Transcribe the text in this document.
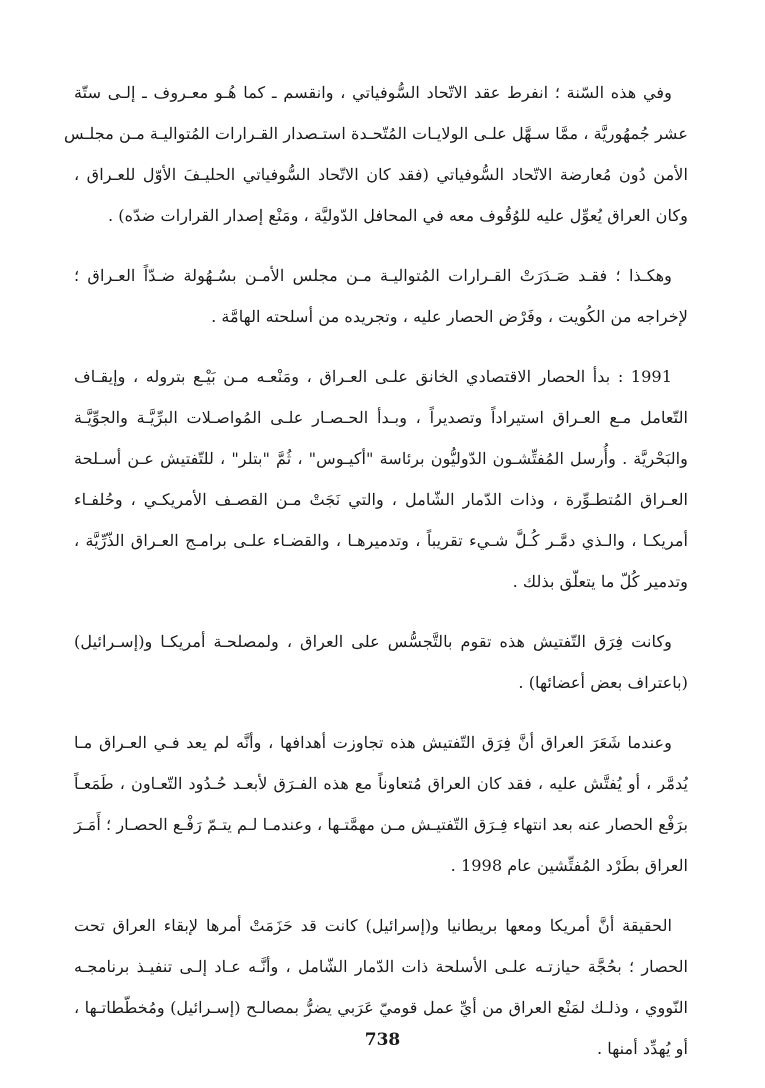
وفي هذه السّنة ؛ انفرط عقد الاتّحاد السُّوفياتي ، وانقسم ـ كما هُـو معـروف ـ إلـى ستّة
عشر جُمهُوريَّة ، ممَّا سـهَّل علـى الولايـات المُتّحـدة استـصدار القـرارات المُتواليـة مـن مجلـس
الأمن دُون مُعارضة الاتّحاد السُّوفياتي (فقد كان الاتّحاد السُّوفياتي الحليـفَ الأوّل للعـراق ،
وكان العراق يُعوِّل عليه للوُقُوف معه في المحافل الدّوليَّة ، ومَنْع إصدار القرارات ضدّه) .
وهكـذا ؛ فقـد صَـدَرَتْ القـرارات المُتواليـة مـن مجلس الأمـن بسُـهُولة ضـدّاً العـراق ؛
لإخراجه من الكُويت ، وفَرْض الحصار عليه ، وتجريده من أسلحته الهامَّة .
1991 : بدأ الحصار الاقتصادي الخانق علـى العـراق ، ومَنْعـه مـن بَيْـع بتروله ، وإيقـاف
التّعامل مـع العـراق استيراداً وتصديراً ، وبـدأ الحـصـار علـى المُواصـلات البرِّيَّـة والجوِّيَّـة
والبَحْريَّة . وأُرسل المُفتِّشـون الدّوليُّون برئاسة "أكيـوس" ، ثُمَّ "بتلر" ، للتّفتيش عـن أسـلحة
العـراق المُتطـوِّرة ، وذات الدّمار الشّامل ، والتي نَجَتْ مـن القصـف الأمريكـي ، وحُلفـاء
أمريكـا ، والـذي دمَّـر كُـلَّ شـيء تقريباً ، وتدميرهـا ، والقضـاء علـى برامـج العـراق الذّرِّيَّة ،
وتدمير كُلّ ما يتعلّق بذلك .
وكانت فِرَق التّفتيش هذه تقوم بالتَّجسُّس على العراق ، ولمصلحـة أمريكـا و(إسـرائيل)
(باعتراف بعض أعضائها) .
وعندما شَعَرَ العراق أنَّ فِرَق التّفتيش هذه تجاوزت أهدافها ، وأنَّه لم يعد فـي العـراق مـا
يُدمَّر ، أو يُفتَّش عليه ، فقد كان العراق مُتعاوناً مع هذه الفـرَق لأبعـد حُـدُود التّعـاون ، طَمَعـاً
برَفْع الحصار عنه بعد انتهاء فِـرَق التّفتيـش مـن مهمَّتـها ، وعندمـا لـم يتـمّ رَفْـع الحصـار ؛ أَمَـرَ
العراق بطَرْد المُفتِّشين عام 1998 .
الحقيقة أنَّ أمريكا ومعها بريطانيا و(إسرائيل) كانت قد حَزَمَتْ أمرها لإبقاء العراق تحت
الحصار ؛ بحُجَّة حيازتـه علـى الأسلحة ذات الدّمار الشّامل ، وأنَّـه عـاد إلـى تنفيـذ برنامجـه
النّووي ، وذلـك لمَنْع العراق من أيِّ عمل قوميّ عَرَبي يضرُّ بمصالـح (إسـرائيل) ومُخطّطاتـها ،
أو يُهدِّد أمنها .
738
